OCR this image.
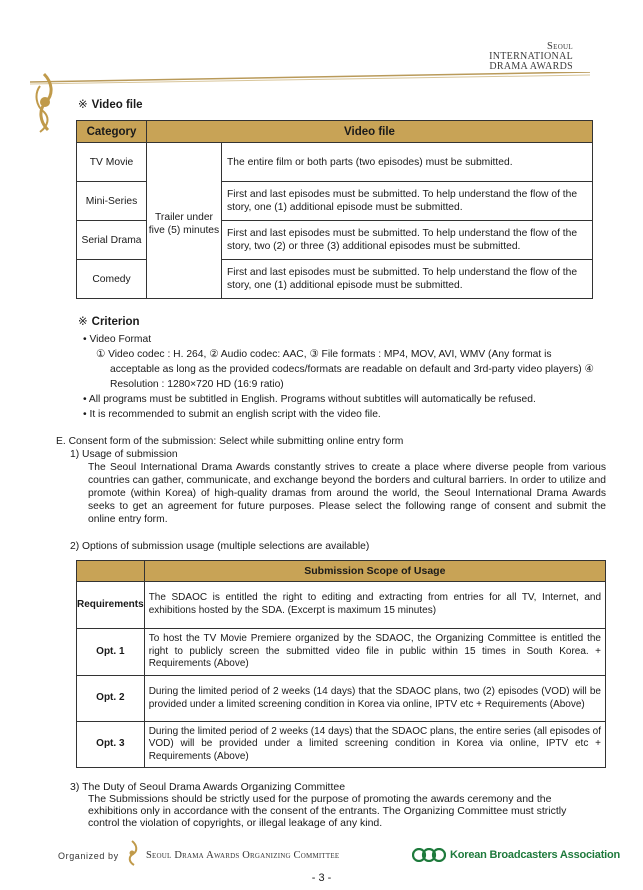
Seoul
INTERNATIONAL
DRAMA AWARDS
※ Video file
Category	Video file	
TV Movie	Trailer under five (5) minutes	The entire film or both parts (two episodes) must be submitted.
Mini-Series		First and last episodes must be submitted. To help understand the flow of the story, one (1) additional episode must be submitted.
Serial Drama		First and last episodes must be submitted. To help understand the flow of the story, two (2) or three (3) additional episodes must be submitted.
Comedy		First and last episodes must be submitted. To help understand the flow of the story, one (1) additional episode must be submitted.
※ Criterion
• Video Format
① Video codec : H. 264, ② Audio codec: AAC, ③ File formats : MP4, MOV, AVI, WMV (Any format is acceptable as long as the provided codecs/formats are readable on default and 3rd-party video players) ④ Resolution : 1280×720 HD (16:9 ratio)
• All programs must be subtitled in English. Programs without subtitles will automatically be refused.
• It is recommended to submit an english script with the video file.
E. Consent form of the submission: Select while submitting online entry form
1) Usage of submission
The Seoul International Drama Awards constantly strives to create a place where diverse people from various countries can gather, communicate, and exchange beyond the borders and cultural barriers. In order to utilize and promote (within Korea) of high-quality dramas from around the world, the Seoul International Drama Awards seeks to get an agreement for future purposes. Please select the following range of consent and submit the online entry form.
2) Options of submission usage (multiple selections are available)
	Submission Scope of Usage
Requirements	The SDAOC is entitled the right to editing and extracting from entries for all TV, Internet, and exhibitions hosted by the SDA. (Excerpt is maximum 15 minutes)
Opt. 1	To host the TV Movie Premiere organized by the SDAOC, the Organizing Committee is entitled the right to publicly screen the submitted video file in public within 15 times in South Korea. + Requirements (Above)
Opt. 2	During the limited period of 2 weeks (14 days) that the SDAOC plans, two (2) episodes (VOD) will be provided under a limited screening condition in Korea via online, IPTV etc + Requirements (Above)
Opt. 3	During the limited period of 2 weeks (14 days) that the SDAOC plans, the entire series (all episodes of VOD) will be provided under a limited screening condition in Korea via online, IPTV etc + Requirements (Above)
3) The Duty of Seoul Drama Awards Organizing Committee
The Submissions should be strictly used for the purpose of promoting the awards ceremony and the exhibitions only in accordance with the consent of the entrants. The Organizing Committee must strictly control the violation of copyrights, or illegal leakage of any kind.
Organized by	Seoul Drama Awards Organizing Committee	Korean Broadcasters Association
- 3 -
